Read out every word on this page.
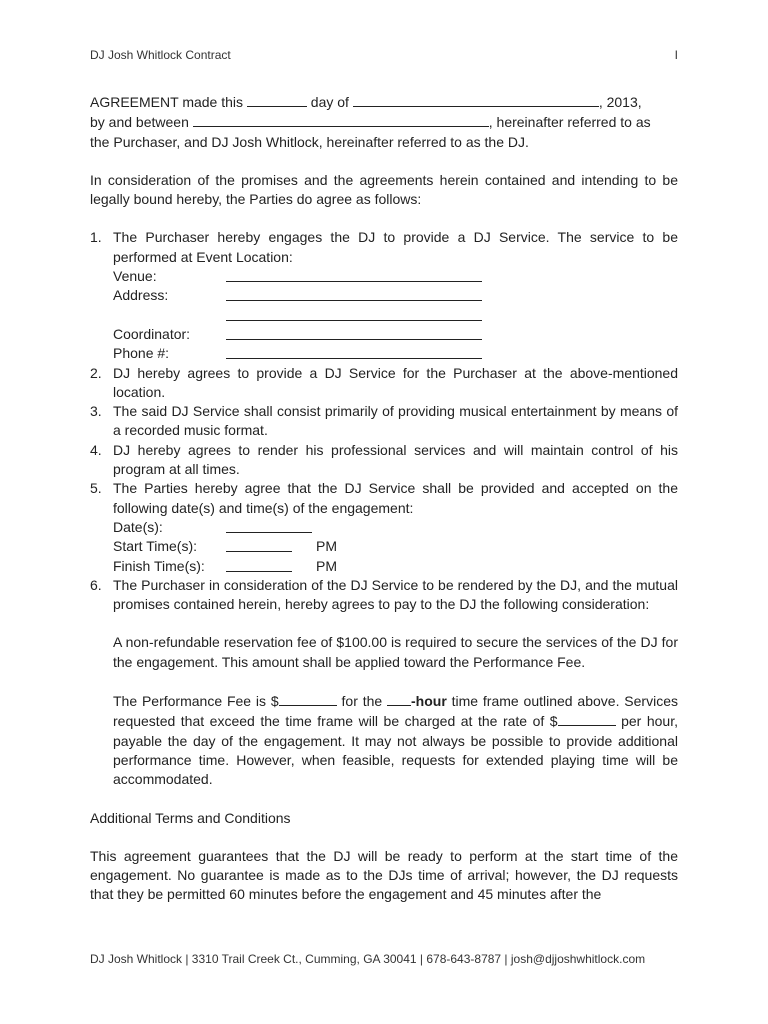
DJ Josh Whitlock Contract	I

AGREEMENT made this	day of	, 2013,
by and between	, hereinafter referred to as
the Purchaser, and DJ Josh Whitlock, hereinafter referred to as the DJ.

In consideration of the promises and the agreements herein contained and intending to be legally bound hereby, the Parties do agree as follows:

1. The Purchaser hereby engages the DJ to provide a DJ Service. The service to be performed at Event Location:
Venue:
Address:
Coordinator:
Phone #:
2. DJ hereby agrees to provide a DJ Service for the Purchaser at the above-mentioned location.
3. The said DJ Service shall consist primarily of providing musical entertainment by means of a recorded music format.
4. DJ hereby agrees to render his professional services and will maintain control of his program at all times.
5. The Parties hereby agree that the DJ Service shall be provided and accepted on the following date(s) and time(s) of the engagement:
Date(s):
Start Time(s):	PM
Finish Time(s):	PM
6. The Purchaser in consideration of the DJ Service to be rendered by the DJ, and the mutual promises contained herein, hereby agrees to pay to the DJ the following consideration:

A non-refundable reservation fee of $100.00 is required to secure the services of the DJ for the engagement. This amount shall be applied toward the Performance Fee.

The Performance Fee is $	for the -hour time frame outlined above. Services requested that exceed the time frame will be charged at the rate of $	per hour, payable the day of the engagement. It may not always be possible to provide additional performance time. However, when feasible, requests for extended playing time will be accommodated.

Additional Terms and Conditions

This agreement guarantees that the DJ will be ready to perform at the start time of the engagement. No guarantee is made as to the DJs time of arrival; however, the DJ requests that they be permitted 60 minutes before the engagement and 45 minutes after the

DJ Josh Whitlock | 3310 Trail Creek Ct., Cumming, GA 30041 | 678-643-8787 | josh@djjoshwhitlock.com
